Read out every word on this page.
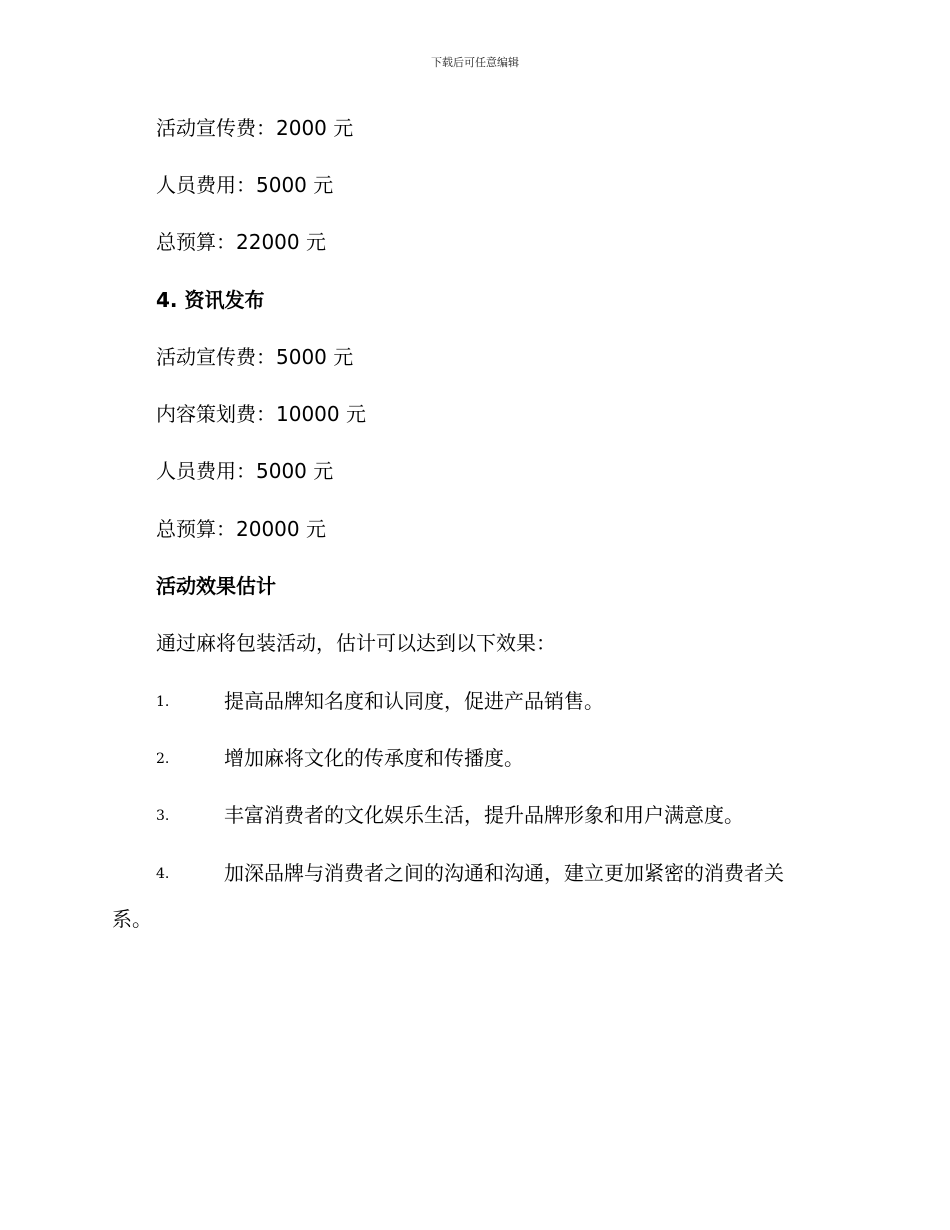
下载后可任意编辑
活动宣传费：2000 元
人员费用：5000 元
总预算：22000 元
4. 资讯发布
活动宣传费：5000 元
内容策划费：10000 元
人员费用：5000 元
总预算：20000 元
活动效果估计
通过麻将包装活动，估计可以达到以下效果：
1.	提高品牌知名度和认同度，促进产品销售。
2.	增加麻将文化的传承度和传播度。
3.	丰富消费者的文化娱乐生活，提升品牌形象和用户满意度。
4.	加深品牌与消费者之间的沟通和沟通，建立更加紧密的消费者关
系。
